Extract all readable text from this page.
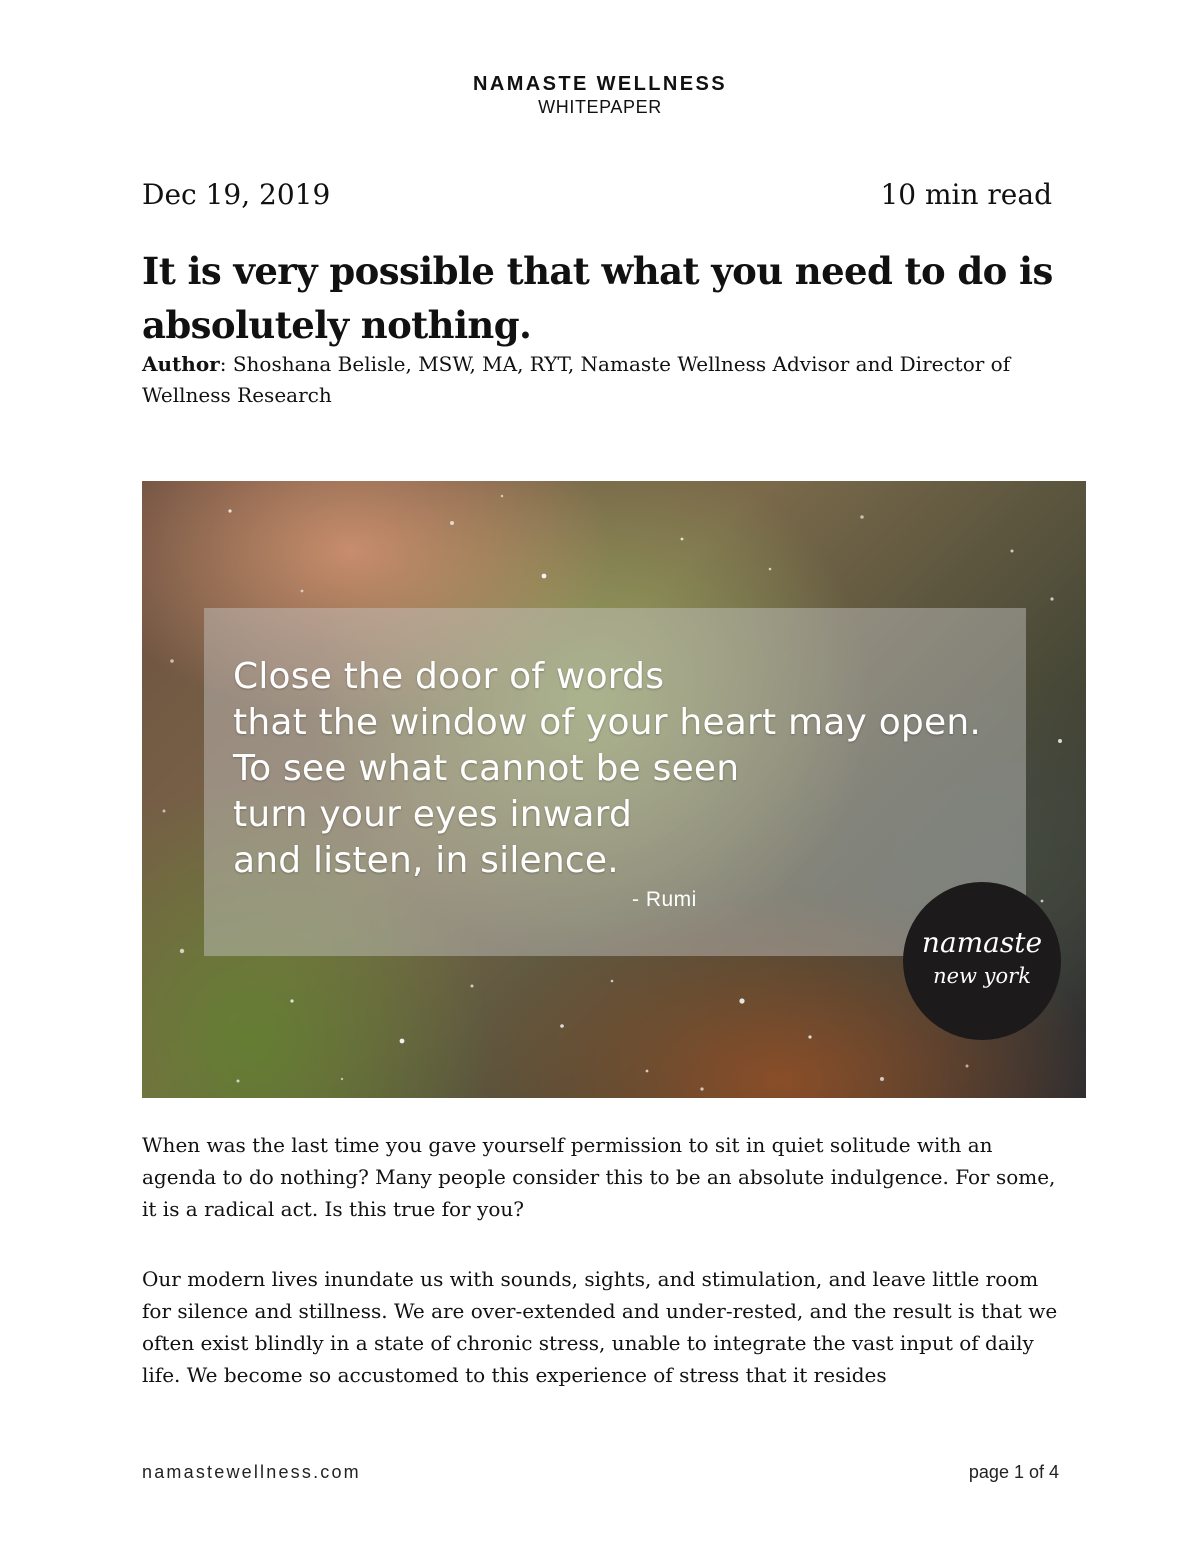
NAMASTE WELLNESS
WHITEPAPER
Dec 19, 2019	10 min read
It is very possible that what you need to do is
absolutely nothing.
Author: Shoshana Belisle, MSW, MA, RYT, Namaste Wellness Advisor and Director of Wellness Research
Close the door of words
that the window of your heart may open.
To see what cannot be seen
turn your eyes inward
and listen, in silence.
- Rumi
namaste
new york

When was the last time you gave yourself permission to sit in quiet solitude with an agenda to do nothing? Many people consider this to be an absolute indulgence. For some, it is a radical act. Is this true for you?

Our modern lives inundate us with sounds, sights, and stimulation, and leave little room for silence and stillness. We are over-extended and under-rested, and the result is that we often exist blindly in a state of chronic stress, unable to integrate the vast input of daily life. We become so accustomed to this experience of stress that it resides

namastewellness.com	page 1 of 4
